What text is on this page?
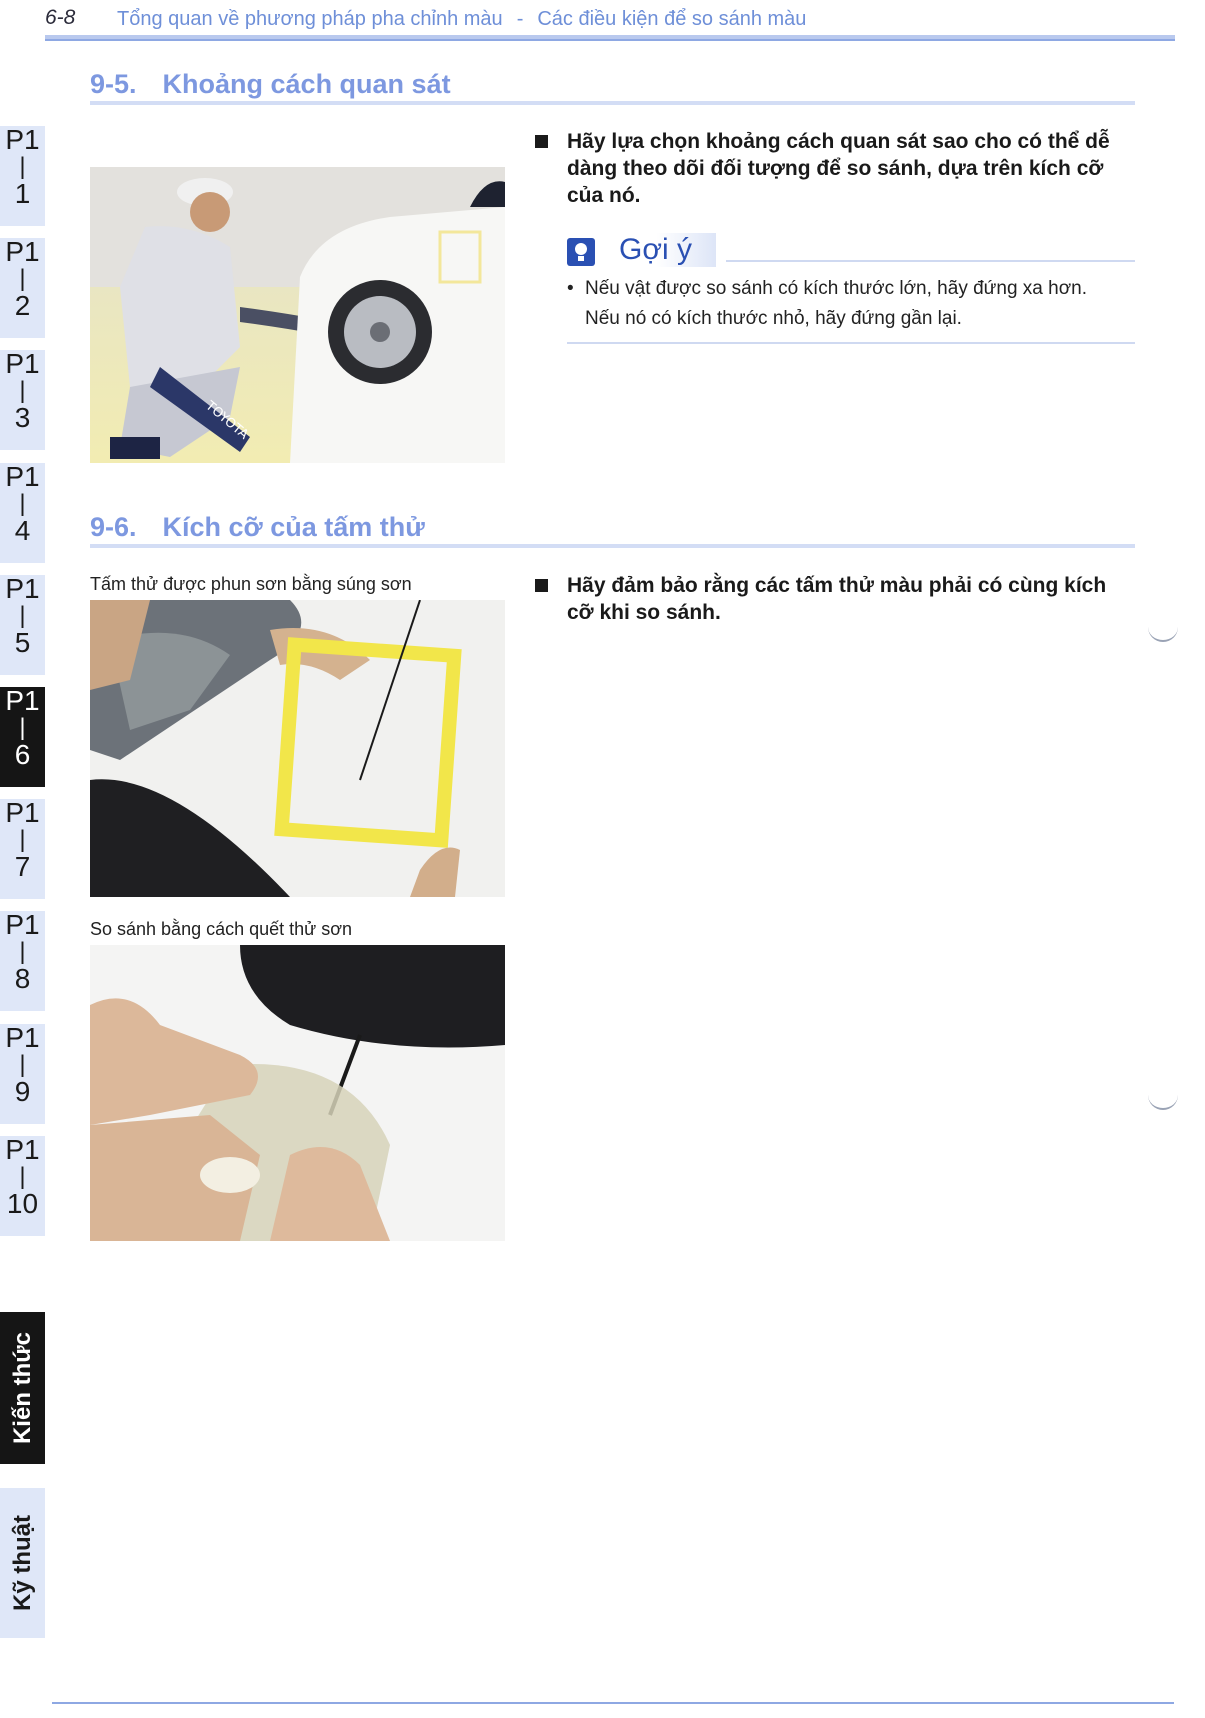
6-8 Tổng quan về phương pháp pha chỉnh màu - Các điều kiện để so sánh màu
P1
|
1
P1
|
2
P1
|
3
P1
|
4
P1
|
5
P1
|
6
P1
|
7
P1
|
8
P1
|
9
P1
|
10
Kiến thức
Kỹ thuật
9-5. Khoảng cách quan sát
TOYOTA
Hãy lựa chọn khoảng cách quan sát sao cho có thể dễ dàng theo dõi đối tượng để so sánh, dựa trên kích cỡ của nó.
Gợi ý
• Nếu vật được so sánh có kích thước lớn, hãy đứng xa hơn. Nếu nó có kích thước nhỏ, hãy đứng gần lại.
9-6. Kích cỡ của tấm thử
Tấm thử được phun sơn bằng súng sơn
So sánh bằng cách quết thử sơn
Hãy đảm bảo rằng các tấm thử màu phải có cùng kích cỡ khi so sánh.
